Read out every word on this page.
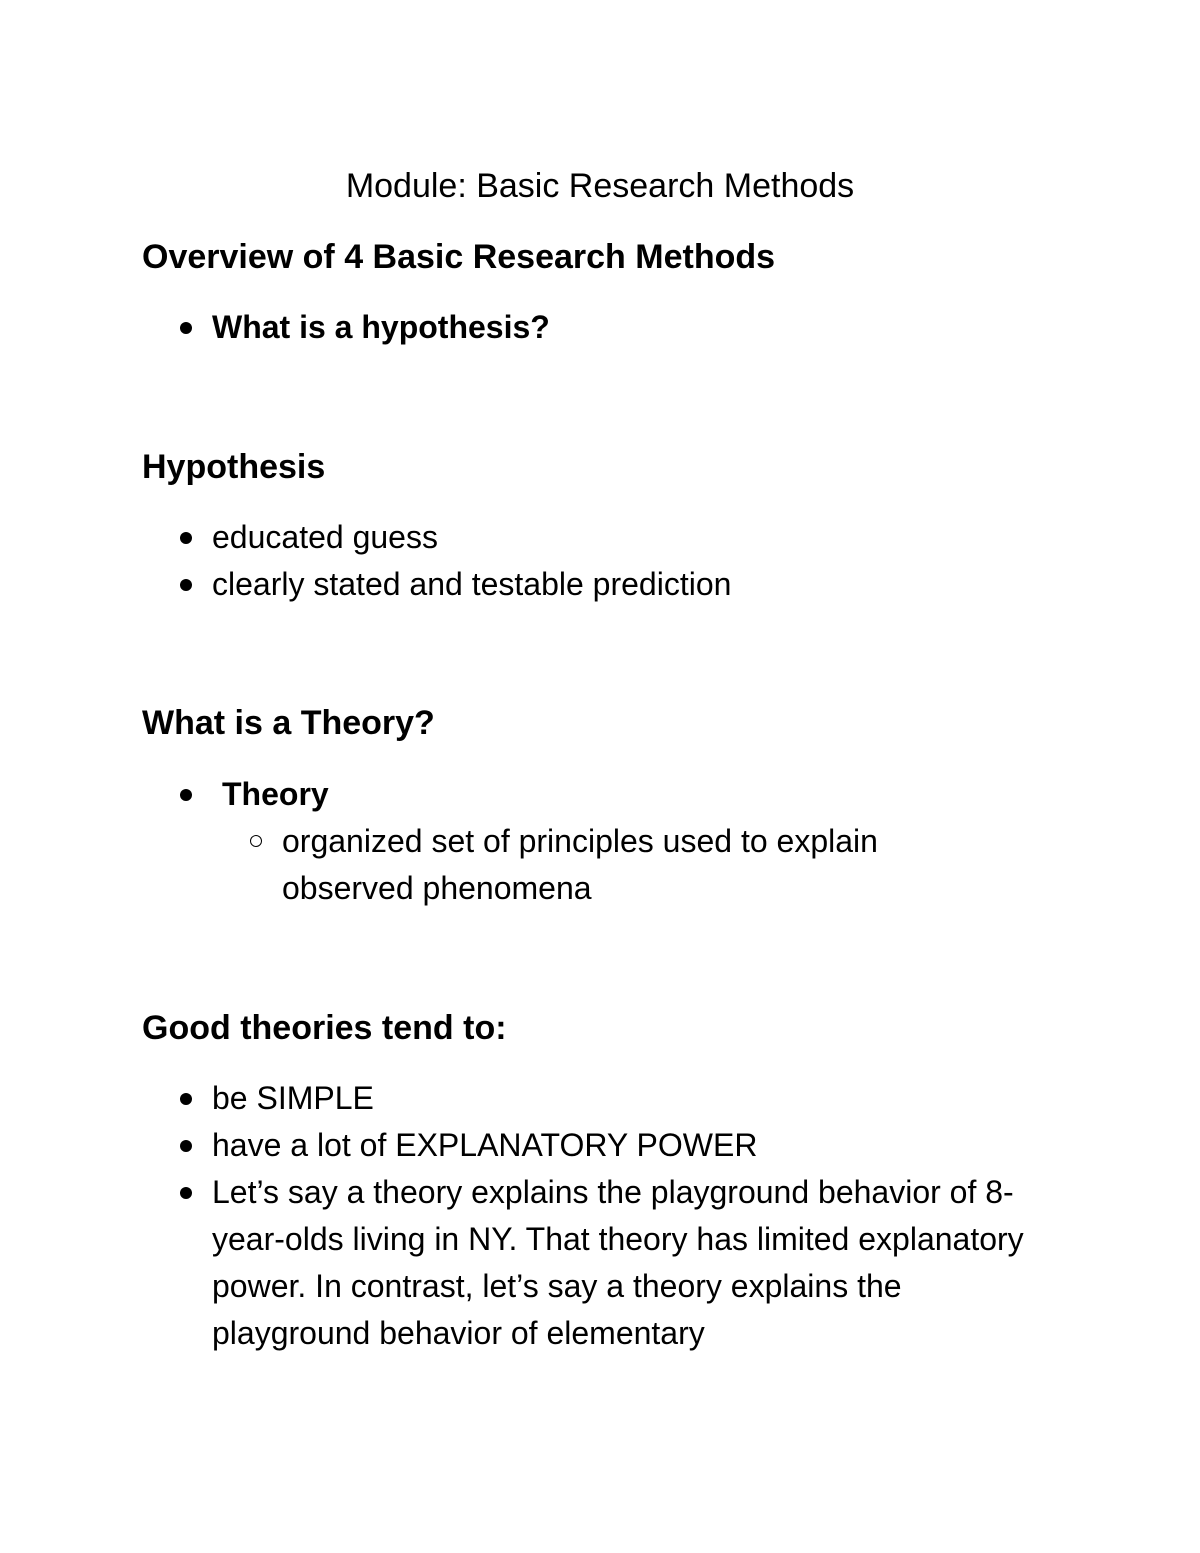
Module: Basic Research Methods
Overview of 4 Basic Research Methods
What is a hypothesis?
Hypothesis
educated guess
clearly stated and testable prediction
What is a Theory?
Theory
organized set of principles used to explain observed phenomena
Good theories tend to:
be SIMPLE
have a lot of EXPLANATORY POWER
Let’s say a theory explains the playground behavior of 8-year-olds living in NY. That theory has limited explanatory power. In contrast, let’s say a theory explains the playground behavior of elementary
